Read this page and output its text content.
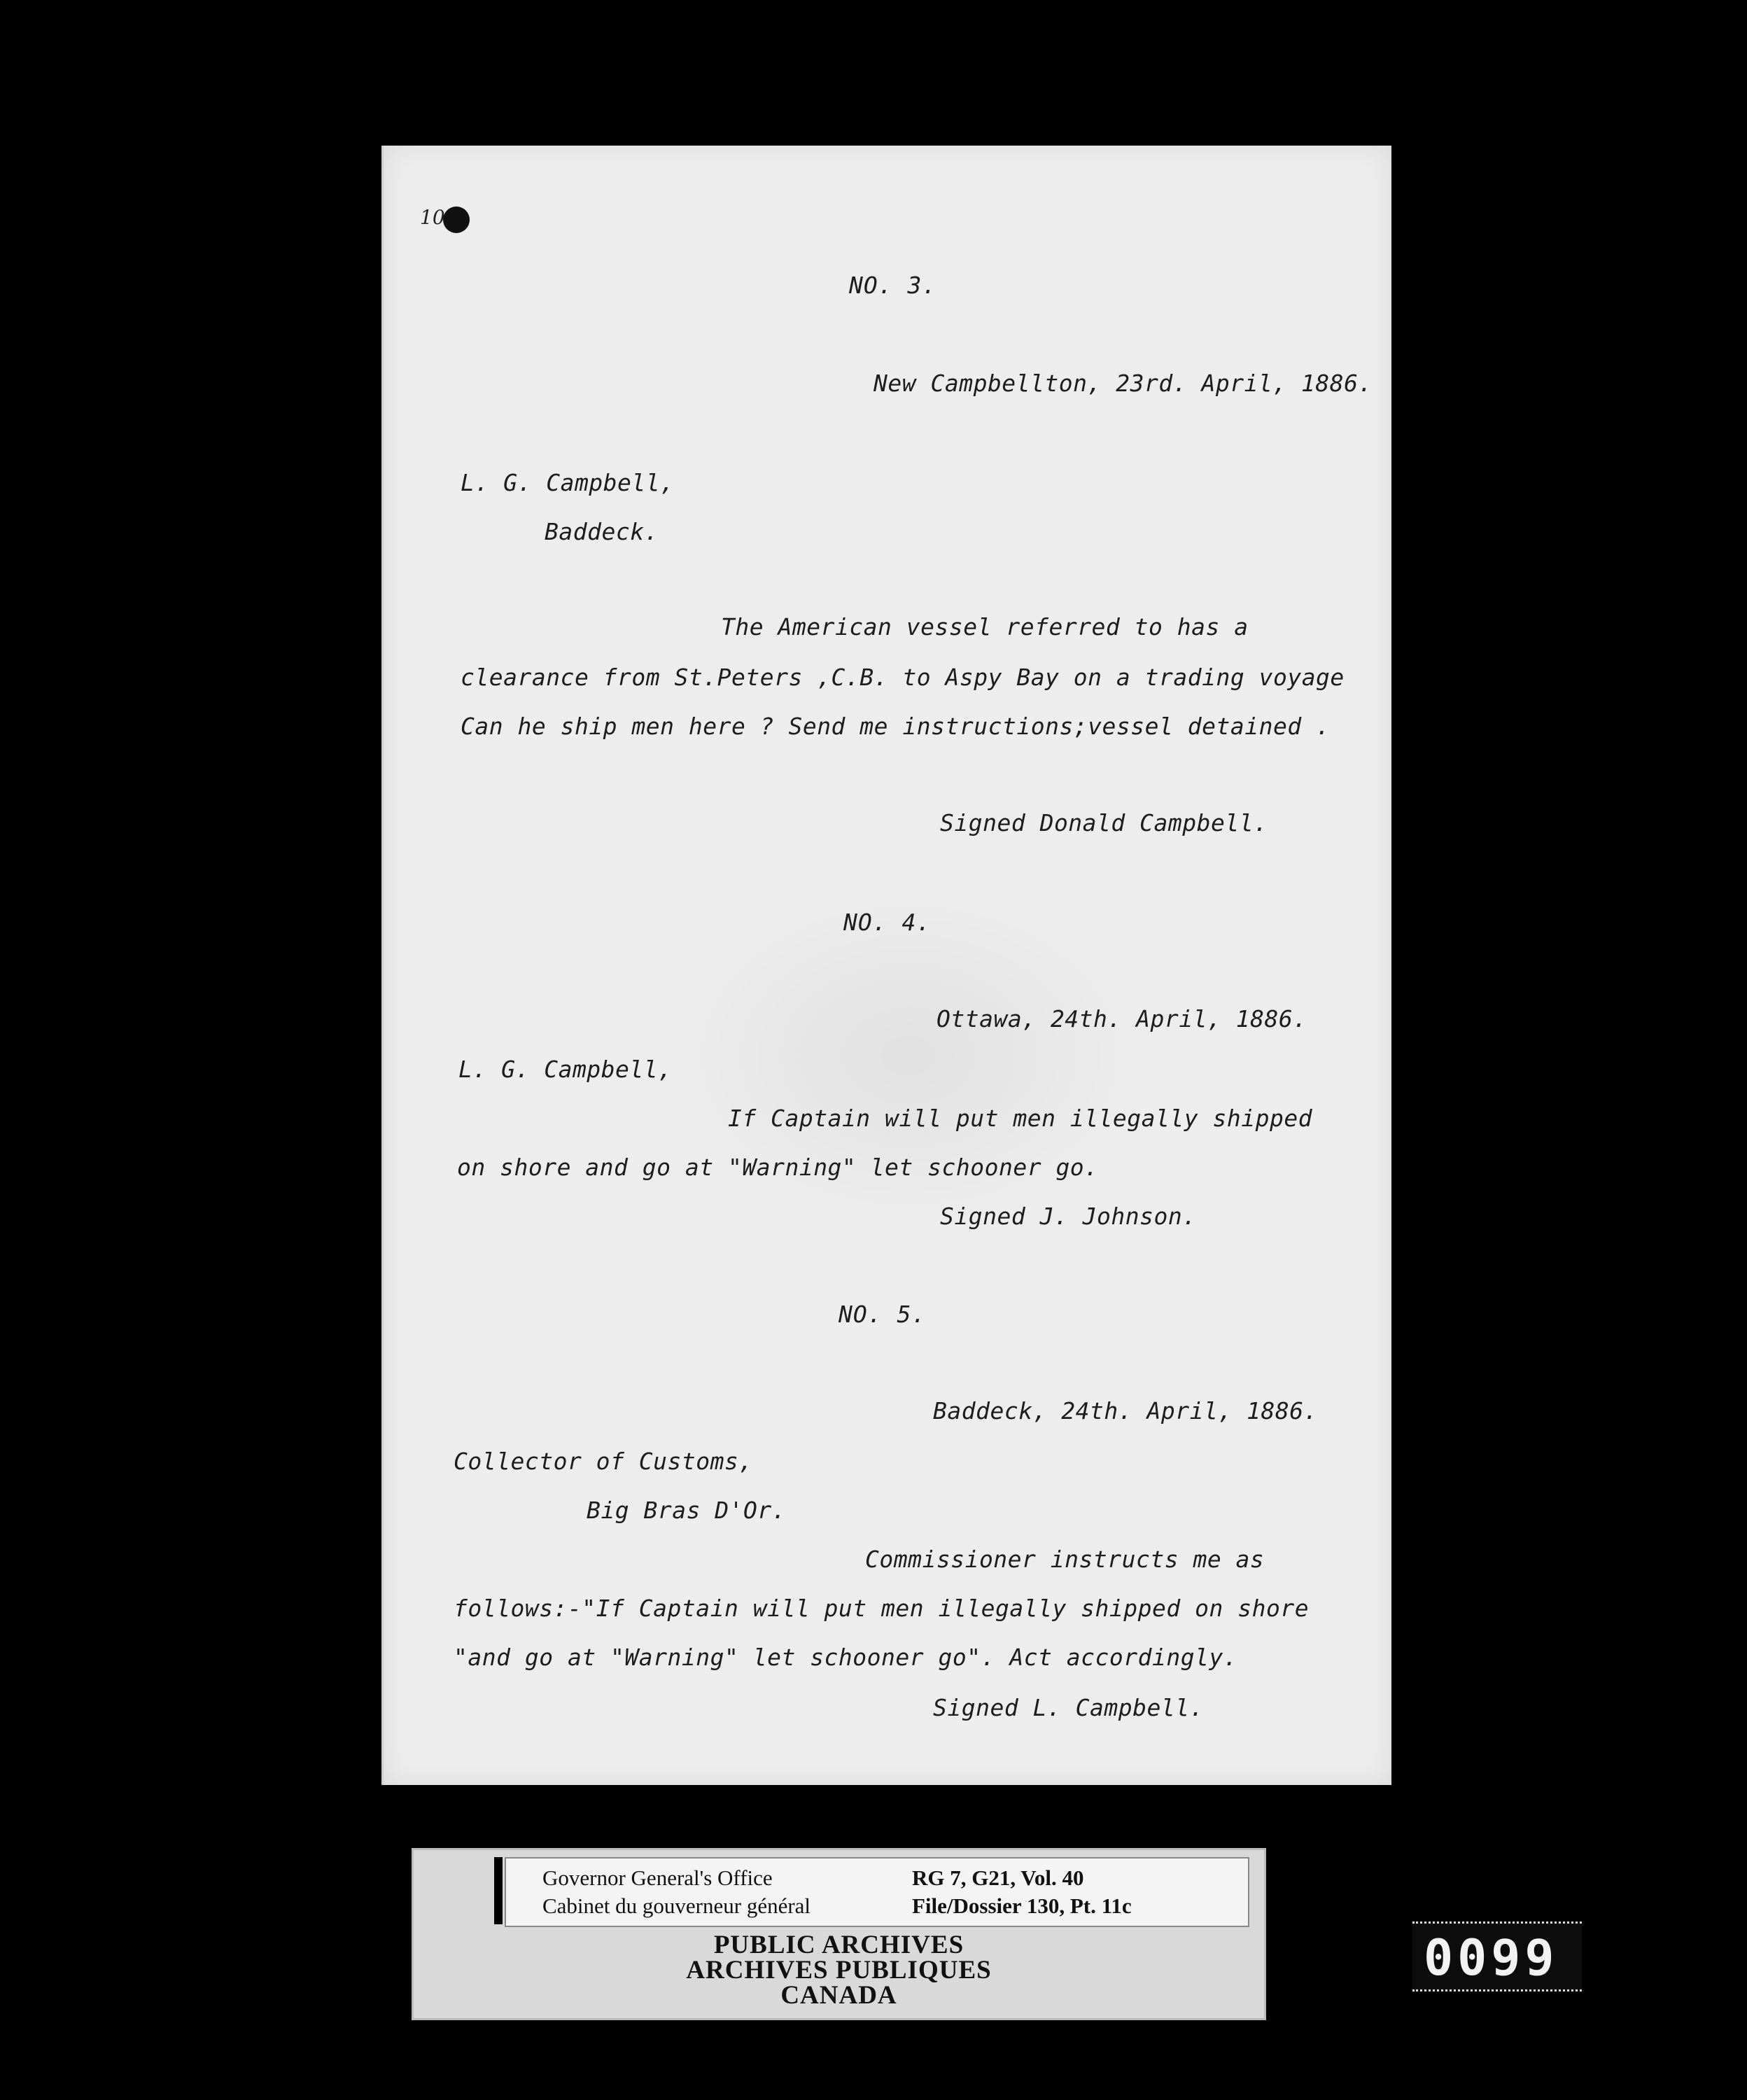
10
NO. 3.
New Campbellton, 23rd. April, 1886.
L. G. Campbell,
Baddeck.
The American vessel referred to has a
clearance from St.Peters ,C.B. to Aspy Bay on a trading voyage
Can he ship men here ? Send me instructions;vessel detained .
Signed Donald Campbell.
NO. 4.
Ottawa, 24th. April, 1886.
L. G. Campbell,
If Captain will put men illegally shipped
on shore and go at "Warning" let schooner go.
Signed J. Johnson.
NO. 5.
Baddeck, 24th. April, 1886.
Collector of Customs,
Big Bras D'Or.
Commissioner instructs me as
follows:-"If Captain will put men illegally shipped on shore
"and go at "Warning" let schooner go". Act accordingly.
Signed L. Campbell.
Governor General's Office
Cabinet du gouverneur général
RG 7, G21, Vol. 40
File/Dossier 130, Pt. 11c
PUBLIC ARCHIVES
ARCHIVES PUBLIQUES
CANADA
0099
